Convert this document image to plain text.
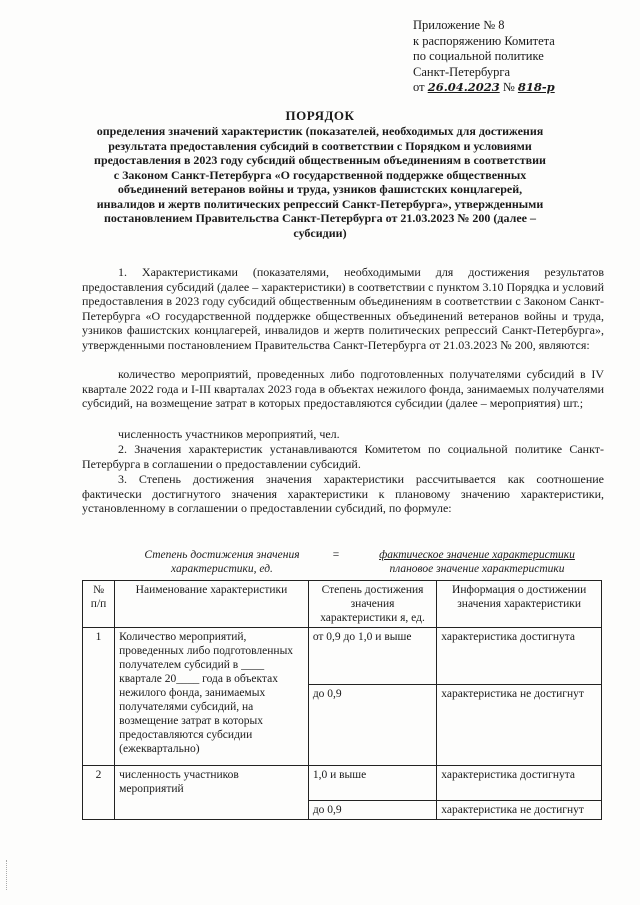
Приложение № 8
к распоряжению Комитета
по социальной политике
Санкт-Петербурга
от 26.04.2023 № 818-р
ПОРЯДОК
определения значений характеристик (показателей, необходимых для достижения результата предоставления субсидий в соответствии с Порядком и условиями предоставления в 2023 году субсидий общественным объединениям в соответствии с Законом Санкт-Петербурга «О государственной поддержке общественных объединений ветеранов войны и труда, узников фашистских концлагерей, инвалидов и жертв политических репрессий Санкт-Петербурга», утвержденными постановлением Правительства Санкт-Петербурга от 21.03.2023 № 200 (далее – субсидии)
1. Характеристиками (показателями, необходимыми для достижения результатов предоставления субсидий (далее – характеристики) в соответствии с пунктом 3.10 Порядка и условий предоставления в 2023 году субсидий общественным объединениям в соответствии с Законом Санкт-Петербурга «О государственной поддержке общественных объединений ветеранов войны и труда, узников фашистских концлагерей, инвалидов и жертв политических репрессий Санкт-Петербурга», утвержденными постановлением Правительства Санкт-Петербурга от 21.03.2023 № 200, являются:
количество мероприятий, проведенных либо подготовленных получателями субсидий в IV квартале 2022 года и I-III кварталах 2023 года в объектах нежилого фонда, занимаемых получателями субсидий, на возмещение затрат в которых предоставляются субсидии (далее – мероприятия) шт.;
численность участников мероприятий, чел.
2. Значения характеристик устанавливаются Комитетом по социальной политике Санкт-Петербурга в соглашении о предоставлении субсидий.
3. Степень достижения значения характеристики рассчитывается как соотношение фактически достигнутого значения характеристики к плановому значению характеристики, установленному в соглашении о предоставлении субсидий, по формуле:
Степень достижения значения характеристики, ед.
=	фактическое значение характеристики
плановое значение характеристики
№ п/п	Наименование характеристики	Степень достижения значения характеристики я, ед.	Информация о достижении значения характеристики
1	Количество мероприятий, проведенных либо подготовленных получателем субсидий в ____ квартале 20____ года в объектах нежилого фонда, занимаемых получателями субсидий, на возмещение затрат в которых предоставляются субсидии (ежеквартально)	от 0,9 до 1,0 и выше	характеристика достигнута
		до 0,9	характеристика не достигнут
2	численность участников мероприятий	1,0 и выше	характеристика достигнута
		до 0,9	характеристика не достигнут
